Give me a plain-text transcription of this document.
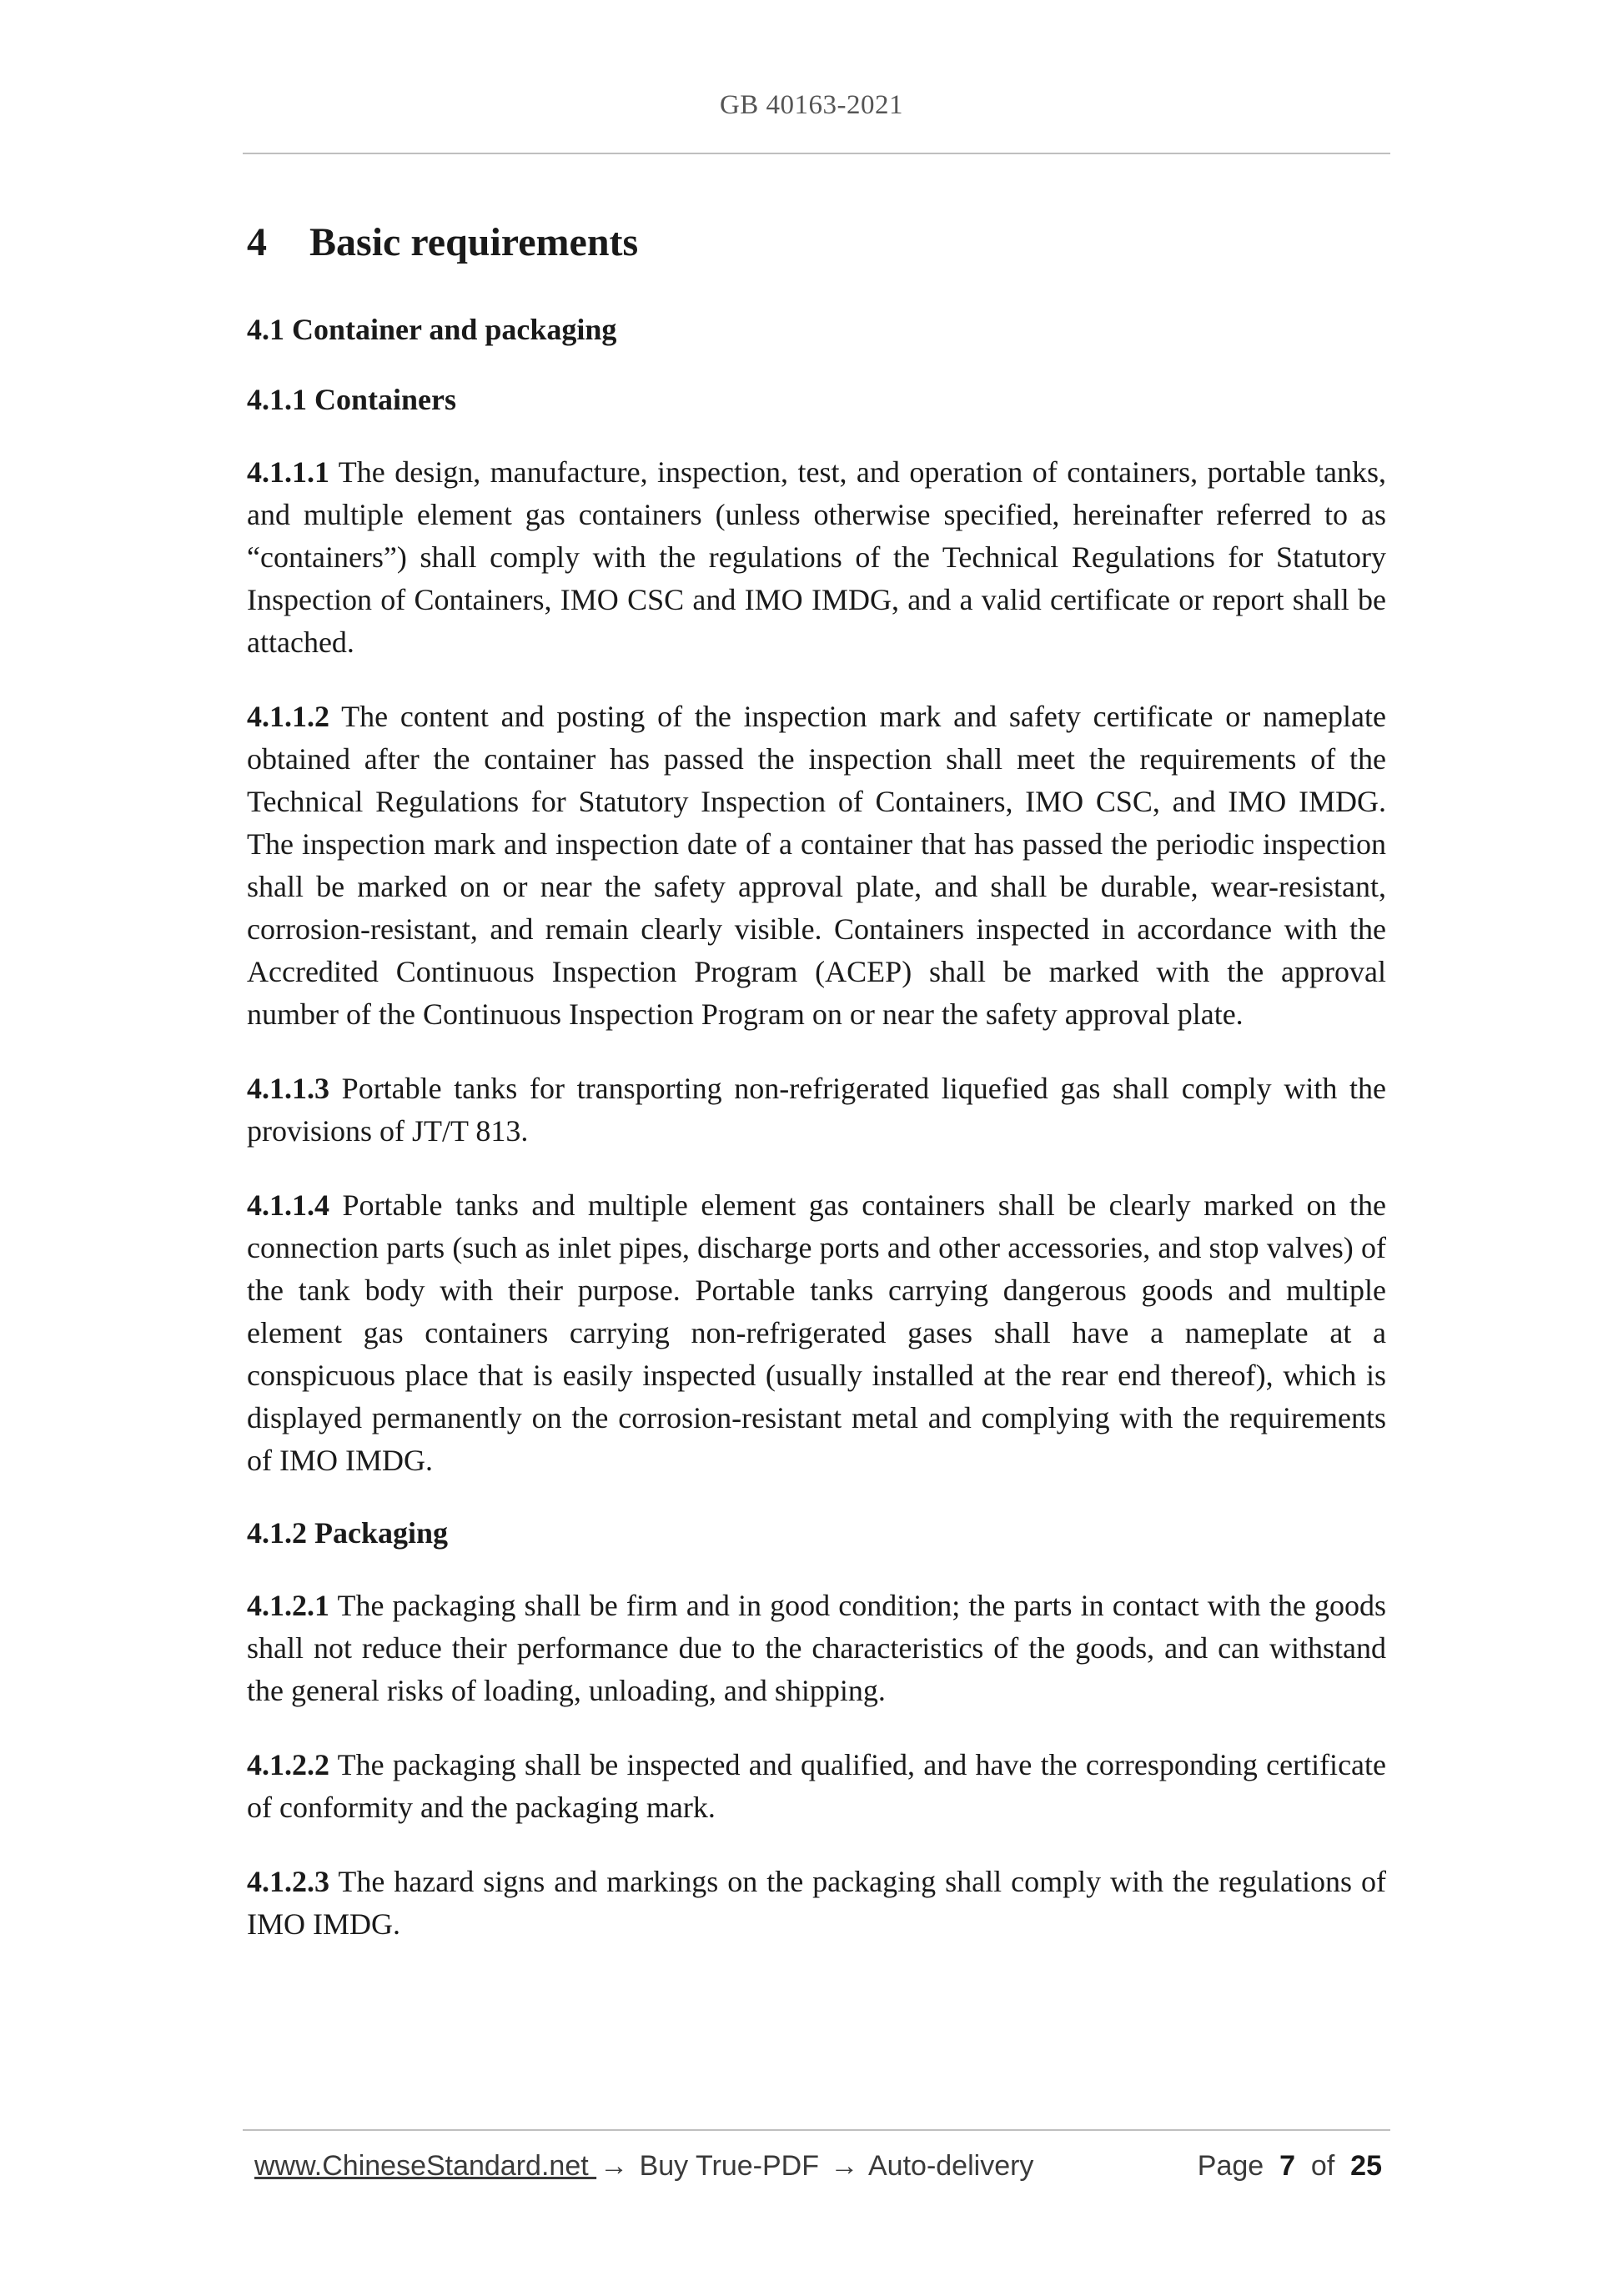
GB 40163-2021
4 Basic requirements
4.1 Container and packaging
4.1.1 Containers

4.1.1.1 The design, manufacture, inspection, test, and operation of containers, portable tanks, and multiple element gas containers (unless otherwise specified, hereinafter referred to as “containers”) shall comply with the regulations of the Technical Regulations for Statutory Inspection of Containers, IMO CSC and IMO IMDG, and a valid certificate or report shall be attached.

4.1.1.2 The content and posting of the inspection mark and safety certificate or nameplate obtained after the container has passed the inspection shall meet the requirements of the Technical Regulations for Statutory Inspection of Containers, IMO CSC, and IMO IMDG. The inspection mark and inspection date of a container that has passed the periodic inspection shall be marked on or near the safety approval plate, and shall be durable, wear-resistant, corrosion-resistant, and remain clearly visible. Containers inspected in accordance with the Accredited Continuous Inspection Program (ACEP) shall be marked with the approval number of the Continuous Inspection Program on or near the safety approval plate.

4.1.1.3 Portable tanks for transporting non-refrigerated liquefied gas shall comply with the provisions of JT/T 813.

4.1.1.4 Portable tanks and multiple element gas containers shall be clearly marked on the connection parts (such as inlet pipes, discharge ports and other accessories, and stop valves) of the tank body with their purpose. Portable tanks carrying dangerous goods and multiple element gas containers carrying non-refrigerated gases shall have a nameplate at a conspicuous place that is easily inspected (usually installed at the rear end thereof), which is displayed permanently on the corrosion-resistant metal and complying with the requirements of IMO IMDG.

4.1.2 Packaging

4.1.2.1 The packaging shall be firm and in good condition; the parts in contact with the goods shall not reduce their performance due to the characteristics of the goods, and can withstand the general risks of loading, unloading, and shipping.

4.1.2.2 The packaging shall be inspected and qualified, and have the corresponding certificate of conformity and the packaging mark.

4.1.2.3 The hazard signs and markings on the packaging shall comply with the regulations of IMO IMDG.

www.ChineseStandard.net → Buy True-PDF → Auto-delivery	Page 7 of 25
